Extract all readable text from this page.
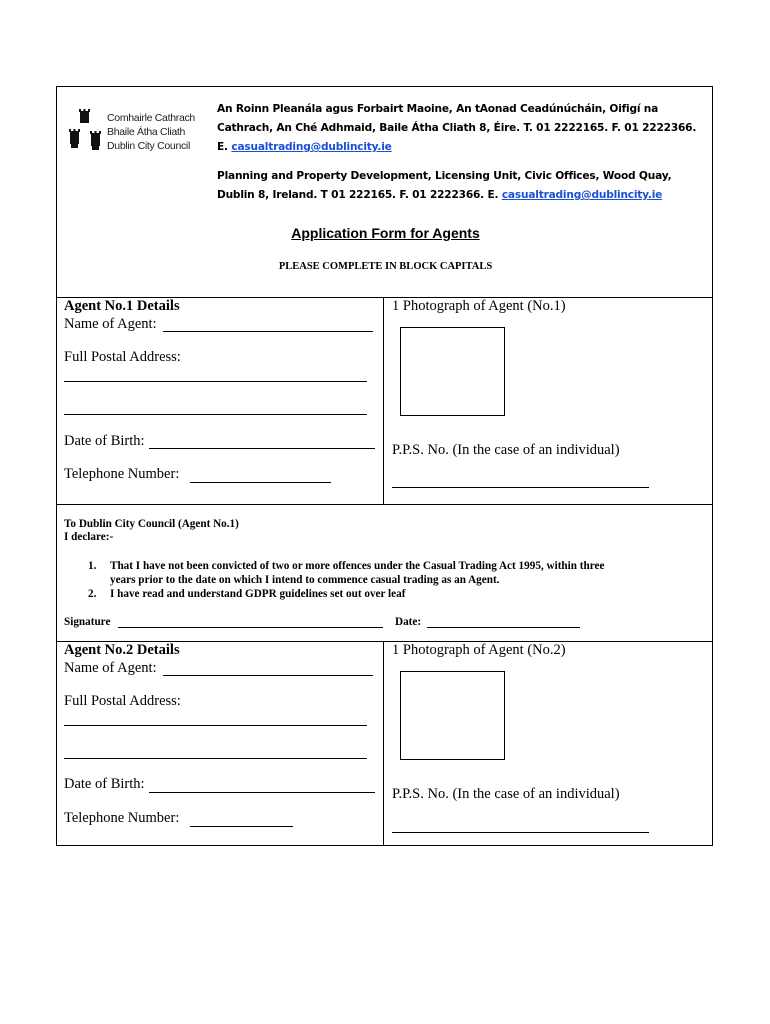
Comhairle Cathrach
Bhaile Átha Cliath
Dublin City Council
An Roinn Pleanála agus Forbairt Maoine, An tAonad Ceadúnúcháin, Oifigí na
Cathrach, An Ché Adhmaid, Baile Átha Cliath 8, Éire. T. 01 2222165. F. 01 2222366.
E. casualtrading@dublincity.ie
Planning and Property Development, Licensing Unit, Civic Offices, Wood Quay,
Dublin 8, Ireland. T 01 222165. F. 01 2222366. E. casualtrading@dublincity.ie
Application Form for Agents
PLEASE COMPLETE IN BLOCK CAPITALS
Agent No.1 Details
Name of Agent:
Full Postal Address:
Date of Birth:
Telephone Number:
1 Photograph of Agent (No.1)
P.P.S. No. (In the case of an individual)
To Dublin City Council (Agent No.1)
I declare:-
1. That I have not been convicted of two or more offences under the Casual Trading Act 1995, within three
years prior to the date on which I intend to commence casual trading as an Agent.
2. I have read and understand GDPR guidelines set out over leaf
Signature	Date:
Agent No.2 Details
Name of Agent:
Full Postal Address:
Date of Birth:
Telephone Number:
1 Photograph of Agent (No.2)
P.P.S. No. (In the case of an individual)
